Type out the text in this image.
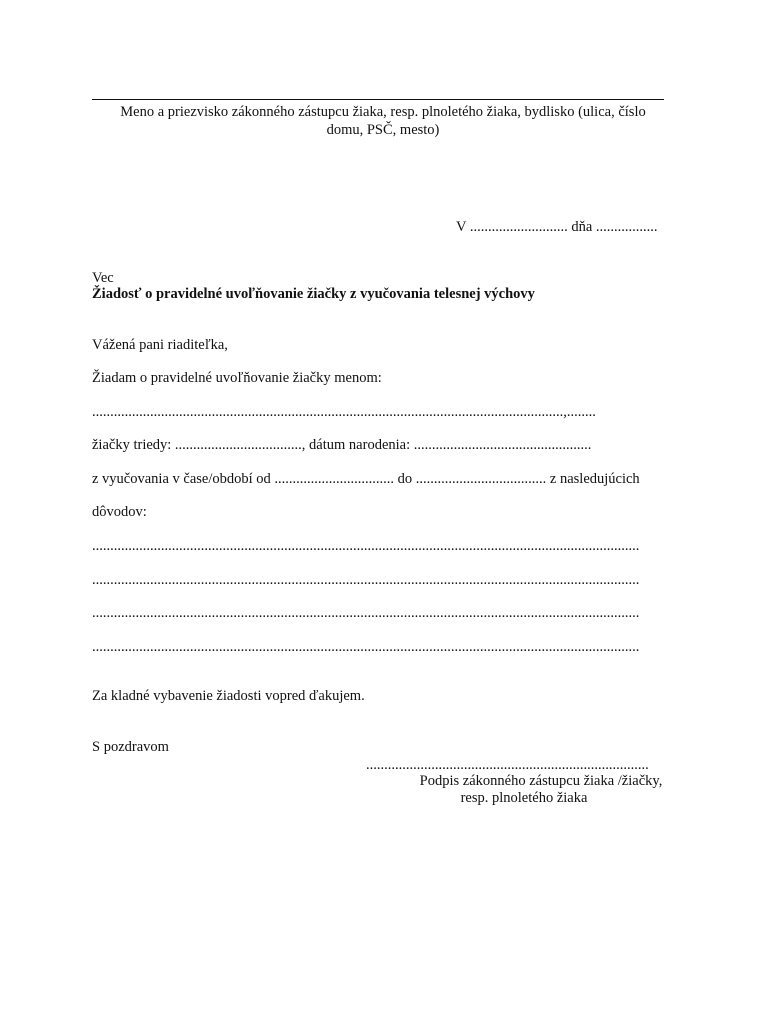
Meno a priezvisko zákonného zástupcu žiaka, resp. plnoletého žiaka, bydlisko (ulica, číslo

domu, PSČ, mesto)

V ........................... dňa .................

Vec

Žiadosť o pravidelné uvoľňovanie žiačky z vyučovania telesnej výchovy

Vážená pani riaditeľka,

Žiadam o pravidelné uvoľňovanie žiačky menom:

..................................................................................................................................,........

žiačky triedy: ..................................., dátum narodenia: .................................................

z vyučovania v čase/období od ................................. do .................................... z nasledujúcich

dôvodov:

.......................................................................................................................................................

.......................................................................................................................................................

.......................................................................................................................................................

.......................................................................................................................................................

Za kladné vybavenie žiadosti vopred ďakujem.

S pozdravom

..............................................................................

Podpis zákonného zástupcu žiaka /žiačky,

resp. plnoletého žiaka
